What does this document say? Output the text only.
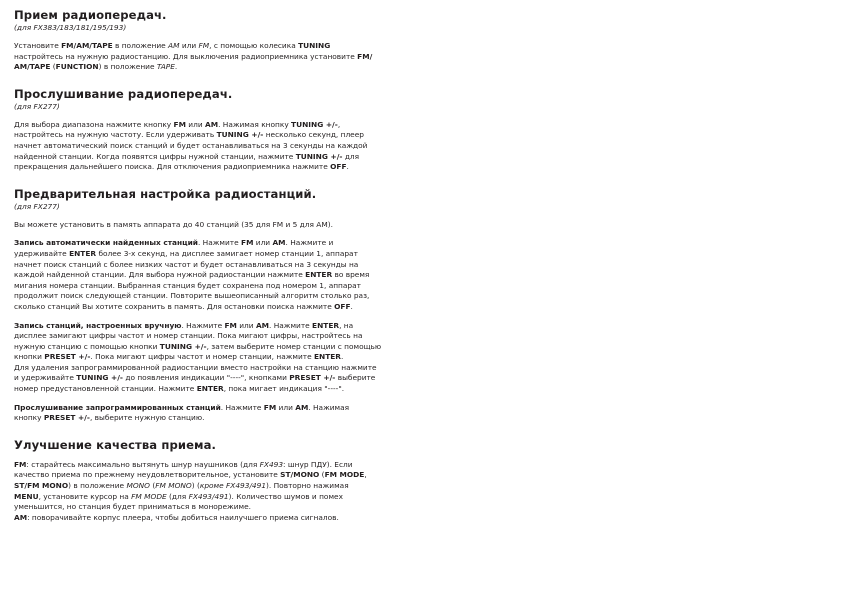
Прием радиопередач.
(для FX383/183/181/195/193)

Установите FM/AM/TAPE в положение AM или FM, с помощью колесика TUNING
настройтесь на нужную радиостанцию. Для выключения радиоприемника установите FM/
AM/TAPE (FUNCTION) в положение TAPE.

Прослушивание радиопередач.
(для FX277)

Для выбора диапазона нажмите кнопку FM или AM. Нажимая кнопку TUNING +/-,
настройтесь на нужную частоту. Если удерживать TUNING +/- несколько секунд, плеер
начнет автоматический поиск станций и будет останавливаться на 3 секунды на каждой
найденной станции. Когда появятся цифры нужной станции, нажмите TUNING +/- для
прекращения дальнейшего поиска. Для отключения радиоприемника нажмите OFF.

Предварительная настройка радиостанций.
(для FX277)

Вы можете установить в память аппарата до 40 станций (35 для FM и 5 для AM).

Запись автоматически найденных станций. Нажмите FM или AM. Нажмите и
удерживайте ENTER более 3-х секунд, на дисплее замигает номер станции 1, аппарат
начнет поиск станций с более низких частот и будет останавливаться на 3 секунды на
каждой найденной станции. Для выбора нужной радиостанции нажмите ENTER во время
мигания номера станции. Выбранная станция будет сохранена под номером 1, аппарат
продолжит поиск следующей станции. Повторите вышеописанный алгоритм столько раз,
сколько станций Вы хотите сохранить в память. Для остановки поиска нажмите OFF.

Запись станций, настроенных вручную. Нажмите FM или AM. Нажмите ENTER, на
дисплее замигают цифры частот и номер станции. Пока мигают цифры, настройтесь на
нужную станцию с помощью кнопки TUNING +/-, затем выберите номер станции с помощью
кнопки PRESET +/-. Пока мигают цифры частот и номер станции, нажмите ENTER.
Для удаления запрограммированной радиостанции вместо настройки на станцию нажмите
и удерживайте TUNING +/- до появления индикации "----", кнопками PRESET +/- выберите
номер предустановленной станции. Нажмите ENTER, пока мигает индикация "----".

Прослушивание запрограммированных станций. Нажмите FM или AM. Нажимая
кнопку PRESET +/-, выберите нужную станцию.

Улучшение качества приема.

FM: старайтесь максимально вытянуть шнур наушников (для FX493: шнур ПДУ). Если
качество приема по прежнему неудовлетворительное, установите ST/MONO (FM MODE,
ST/FM MONO) в положение MONO (FM MONO) (кроме FX493/491). Повторно нажимая
MENU, установите курсор на FM MODE (для FX493/491). Количество шумов и помех
уменьшится, но станция будет приниматься в монорежиме.
AM: поворачивайте корпус плеера, чтобы добиться наилучшего приема сигналов.
